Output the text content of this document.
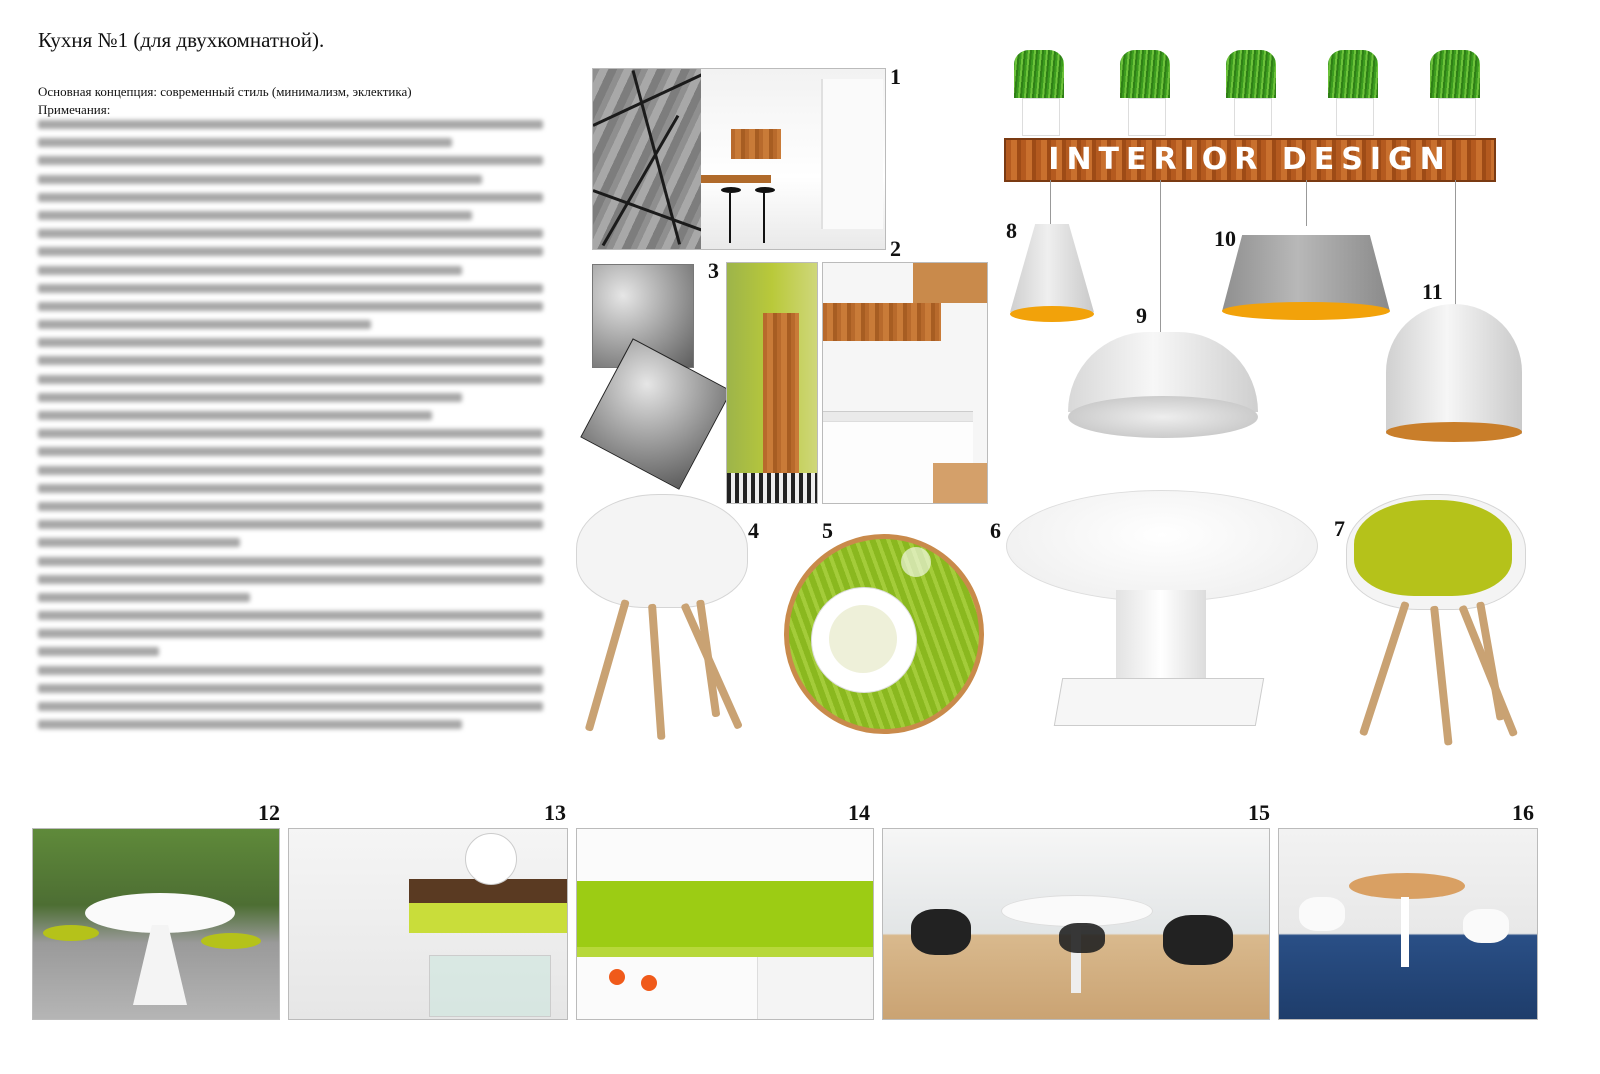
Кухня №1 (для двухкомнатной).
Основная концепция: современный стиль (минимализм, эклектика)
Примечания:
1
3
2
INTERIOR DESIGN
8
9
10
11
4	5	6	7
12	13	14	15	16
